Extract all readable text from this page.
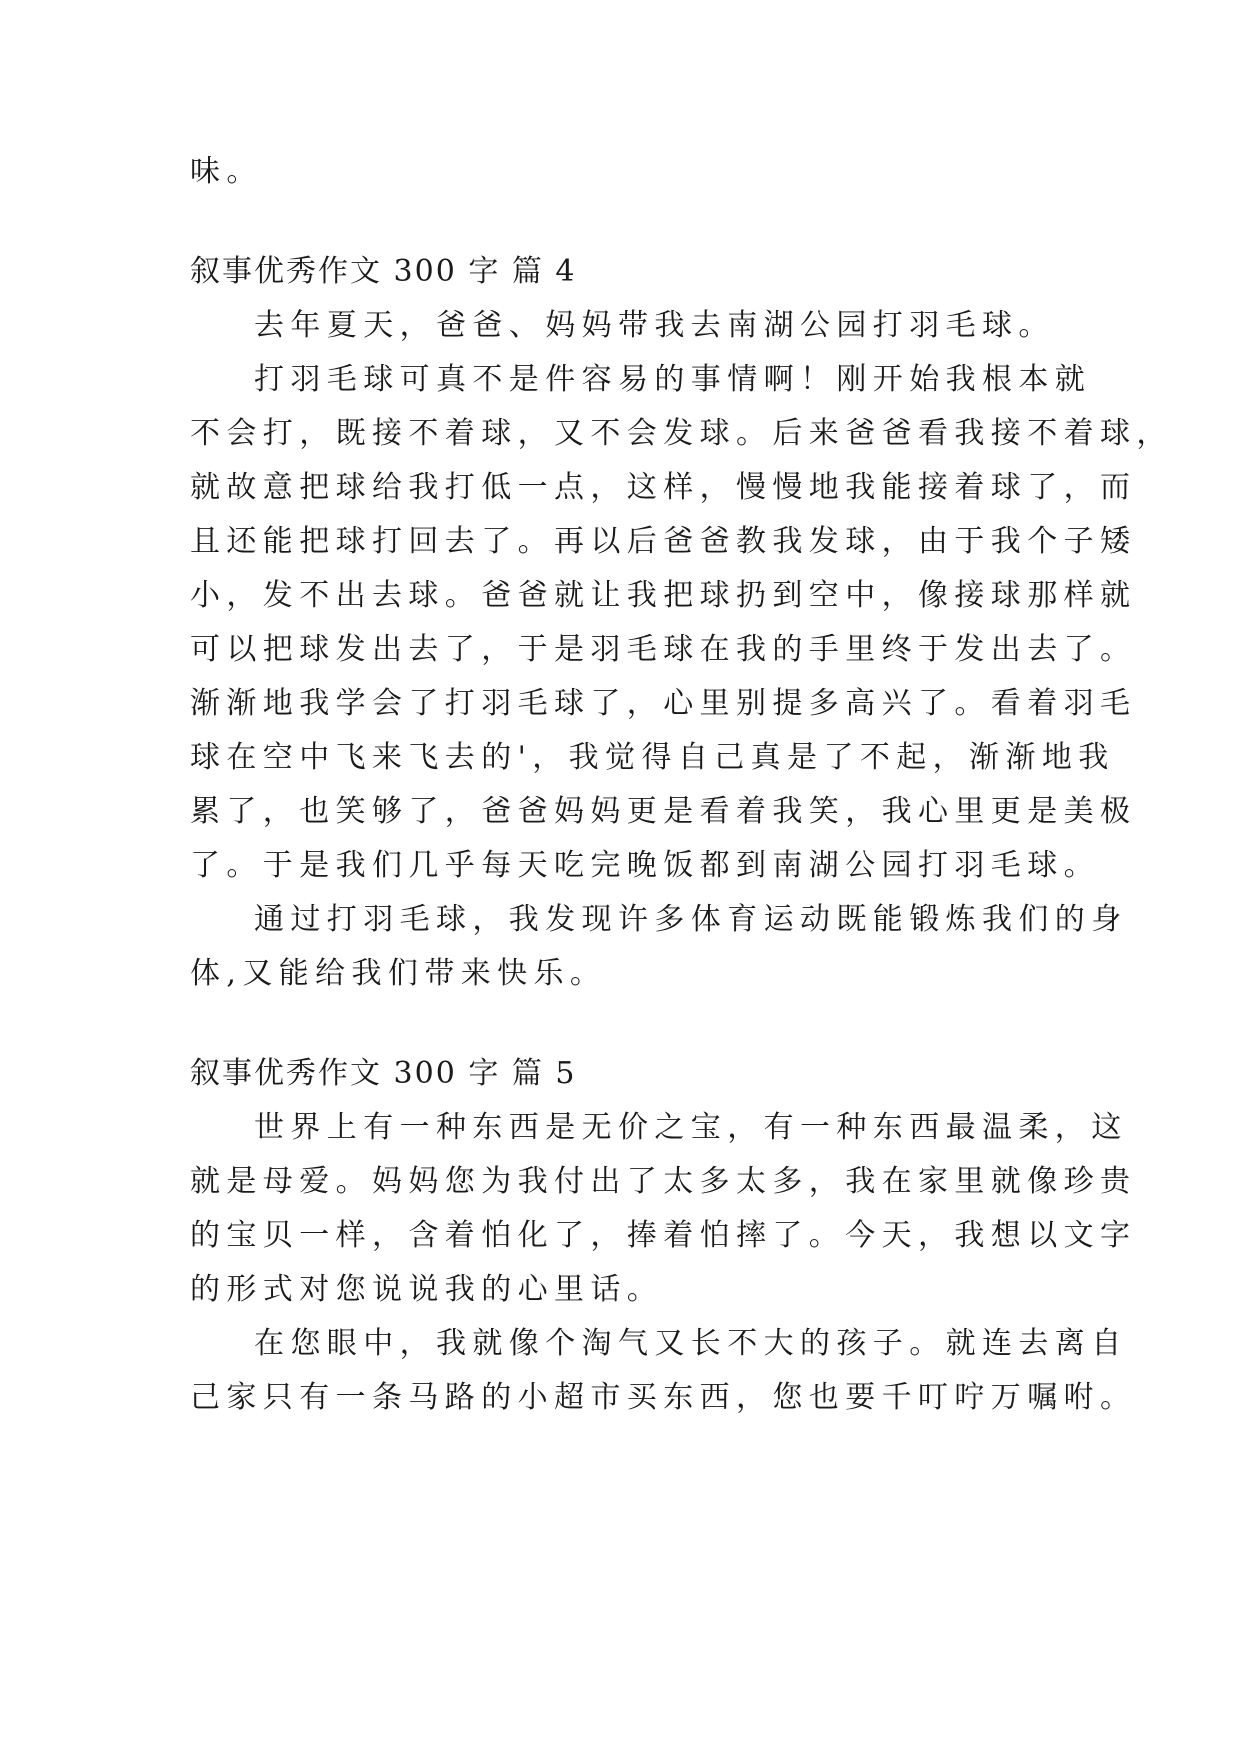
味。
叙事优秀作文 300 字 篇 4
去年夏天，爸爸、妈妈带我去南湖公园打羽毛球。
打羽毛球可真不是件容易的事情啊！刚开始我根本就
不会打，既接不着球，又不会发球。后来爸爸看我接不着球，
就故意把球给我打低一点，这样，慢慢地我能接着球了，而
且还能把球打回去了。再以后爸爸教我发球，由于我个子矮
小，发不出去球。爸爸就让我把球扔到空中，像接球那样就
可以把球发出去了，于是羽毛球在我的手里终于发出去了。
渐渐地我学会了打羽毛球了，心里别提多高兴了。看着羽毛
球在空中飞来飞去的'，我觉得自己真是了不起，渐渐地我
累了，也笑够了，爸爸妈妈更是看着我笑，我心里更是美极
了。于是我们几乎每天吃完晚饭都到南湖公园打羽毛球。
通过打羽毛球，我发现许多体育运动既能锻炼我们的身
体,又能给我们带来快乐。
叙事优秀作文 300 字 篇 5
世界上有一种东西是无价之宝，有一种东西最温柔，这
就是母爱。妈妈您为我付出了太多太多，我在家里就像珍贵
的宝贝一样，含着怕化了，捧着怕摔了。今天，我想以文字
的形式对您说说我的心里话。
在您眼中，我就像个淘气又长不大的孩子。就连去离自
己家只有一条马路的小超市买东西，您也要千叮咛万嘱咐。
